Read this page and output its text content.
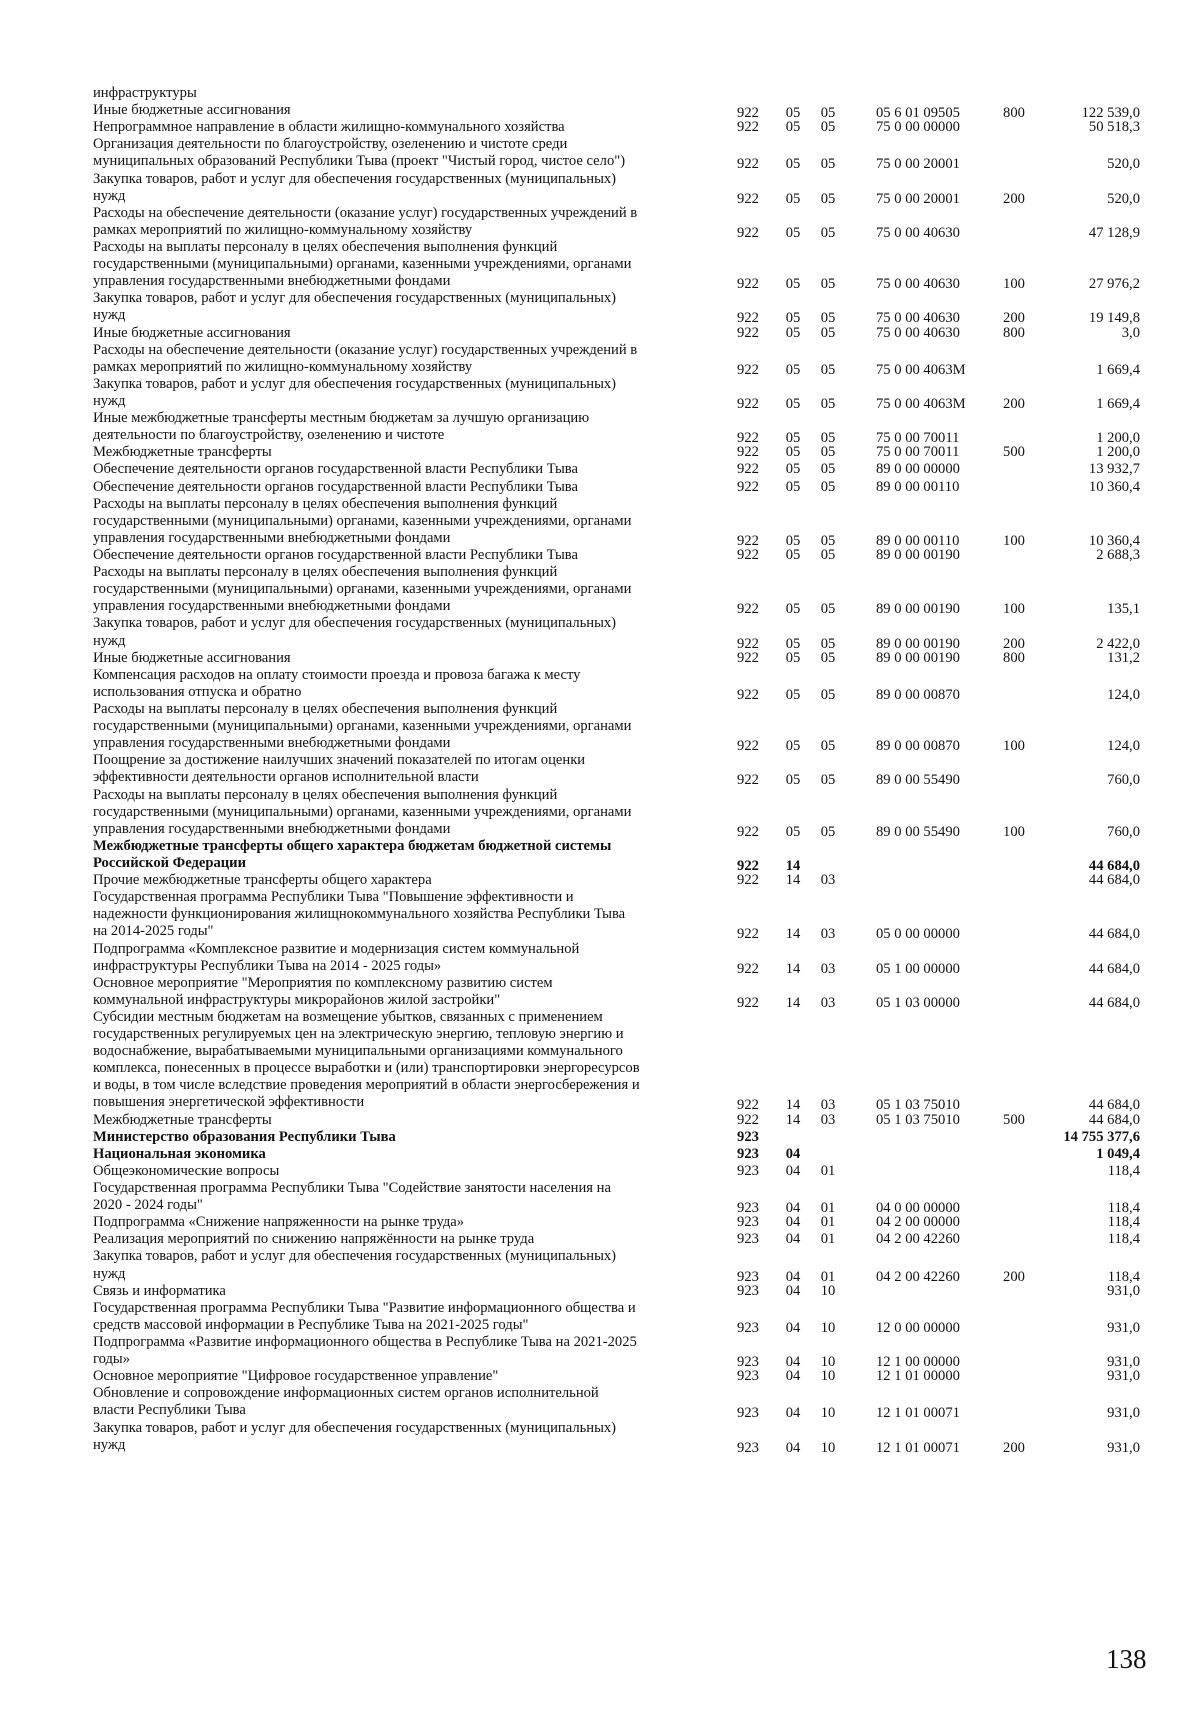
инфраструктуры
Иные бюджетные ассигнования	922	05	05	05 6 01 09505	800	122 539,0
Непрограммное направление в области жилищно-коммунального хозяйства	922	05	05	75 0 00 00000	50 518,3
Организация деятельности по благоустройству, озеленению и чистоте среди
муниципальных образований Республики Тыва (проект "Чистый город, чистое село")	922	05	05	75 0 00 20001	520,0
Закупка товаров, работ и услуг для обеспечения государственных (муниципальных)
нужд	922	05	05	75 0 00 20001	200	520,0
Расходы на обеспечение деятельности (оказание услуг) государственных учреждений в
рамках мероприятий по жилищно-коммунальному хозяйству	922	05	05	75 0 00 40630	47 128,9
Расходы на выплаты персоналу в целях обеспечения выполнения функций
государственными (муниципальными) органами, казенными учреждениями, органами
управления государственными внебюджетными фондами	922	05	05	75 0 00 40630	100	27 976,2
Закупка товаров, работ и услуг для обеспечения государственных (муниципальных)
нужд	922	05	05	75 0 00 40630	200	19 149,8
Иные бюджетные ассигнования	922	05	05	75 0 00 40630	800	3,0
Расходы на обеспечение деятельности (оказание услуг) государственных учреждений в
рамках мероприятий по жилищно-коммунальному хозяйству	922	05	05	75 0 00 4063М	1 669,4
Закупка товаров, работ и услуг для обеспечения государственных (муниципальных)
нужд	922	05	05	75 0 00 4063М	200	1 669,4
Иные межбюджетные трансферты местным бюджетам за лучшую организацию
деятельности по благоустройству, озеленению и чистоте	922	05	05	75 0 00 70011	1 200,0
Межбюджетные трансферты	922	05	05	75 0 00 70011	500	1 200,0
Обеспечение деятельности органов государственной власти Республики Тыва	922	05	05	89 0 00 00000	13 932,7
Обеспечение деятельности органов государственной власти Республики Тыва	922	05	05	89 0 00 00110	10 360,4
Расходы на выплаты персоналу в целях обеспечения выполнения функций
государственными (муниципальными) органами, казенными учреждениями, органами
управления государственными внебюджетными фондами	922	05	05	89 0 00 00110	100	10 360,4
Обеспечение деятельности органов государственной власти Республики Тыва	922	05	05	89 0 00 00190	2 688,3
Расходы на выплаты персоналу в целях обеспечения выполнения функций
государственными (муниципальными) органами, казенными учреждениями, органами
управления государственными внебюджетными фондами	922	05	05	89 0 00 00190	100	135,1
Закупка товаров, работ и услуг для обеспечения государственных (муниципальных)
нужд	922	05	05	89 0 00 00190	200	2 422,0
Иные бюджетные ассигнования	922	05	05	89 0 00 00190	800	131,2
Компенсация расходов на оплату стоимости проезда и провоза багажа к месту
использования отпуска и обратно	922	05	05	89 0 00 00870	124,0
Расходы на выплаты персоналу в целях обеспечения выполнения функций
государственными (муниципальными) органами, казенными учреждениями, органами
управления государственными внебюджетными фондами	922	05	05	89 0 00 00870	100	124,0
Поощрение за достижение наилучших значений показателей по итогам оценки
эффективности деятельности органов исполнительной власти	922	05	05	89 0 00 55490	760,0
Расходы на выплаты персоналу в целях обеспечения выполнения функций
государственными (муниципальными) органами, казенными учреждениями, органами
управления государственными внебюджетными фондами	922	05	05	89 0 00 55490	100	760,0
Межбюджетные трансферты общего характера бюджетам бюджетной системы
Российской Федерации	922	14	44 684,0
Прочие межбюджетные трансферты общего характера	922	14	03	44 684,0
Государственная программа Республики Тыва "Повышение эффективности и
надежности функционирования жилищнокоммунального хозяйства Республики Тыва
на 2014-2025 годы"	922	14	03	05 0 00 00000	44 684,0
Подпрограмма «Комплексное развитие и модернизация систем коммунальной
инфраструктуры Республики Тыва на 2014 - 2025 годы»	922	14	03	05 1 00 00000	44 684,0
Основное мероприятие "Мероприятия по комплексному развитию систем
коммунальной инфраструктуры микрорайонов жилой застройки"	922	14	03	05 1 03 00000	44 684,0
Субсидии местным бюджетам на возмещение убытков, связанных с применением
государственных регулируемых цен на электрическую энергию, тепловую энергию и
водоснабжение, вырабатываемыми муниципальными организациями коммунального
комплекса, понесенных в процессе выработки и (или) транспортировки энергоресурсов
и воды, в том числе вследствие проведения мероприятий в области энергосбережения и
повышения энергетической эффективности	922	14	03	05 1 03 75010	44 684,0
Межбюджетные трансферты	922	14	03	05 1 03 75010	500	44 684,0
Министерство образования Республики Тыва	923	14 755 377,6
Национальная экономика	923	04	1 049,4
Общеэкономические вопросы	923	04	01	118,4
Государственная программа Республики Тыва "Содействие занятости населения на
2020 - 2024 годы"	923	04	01	04 0 00 00000	118,4
Подпрограмма «Снижение напряженности на рынке труда»	923	04	01	04 2 00 00000	118,4
Реализация мероприятий по снижению напряжённости на рынке труда	923	04	01	04 2 00 42260	118,4
Закупка товаров, работ и услуг для обеспечения государственных (муниципальных)
нужд	923	04	01	04 2 00 42260	200	118,4
Связь и информатика	923	04	10	931,0
Государственная программа Республики Тыва "Развитие информационного общества и
средств массовой информации в Республике Тыва на 2021-2025 годы"	923	04	10	12 0 00 00000	931,0
Подпрограмма «Развитие информационного общества в Республике Тыва на 2021-2025
годы»	923	04	10	12 1 00 00000	931,0
Основное мероприятие "Цифровое государственное управление"	923	04	10	12 1 01 00000	931,0
Обновление и сопровождение информационных систем органов исполнительной
власти Республики Тыва	923	04	10	12 1 01 00071	931,0
Закупка товаров, работ и услуг для обеспечения государственных (муниципальных)
нужд	923	04	10	12 1 01 00071	200	931,0
138
